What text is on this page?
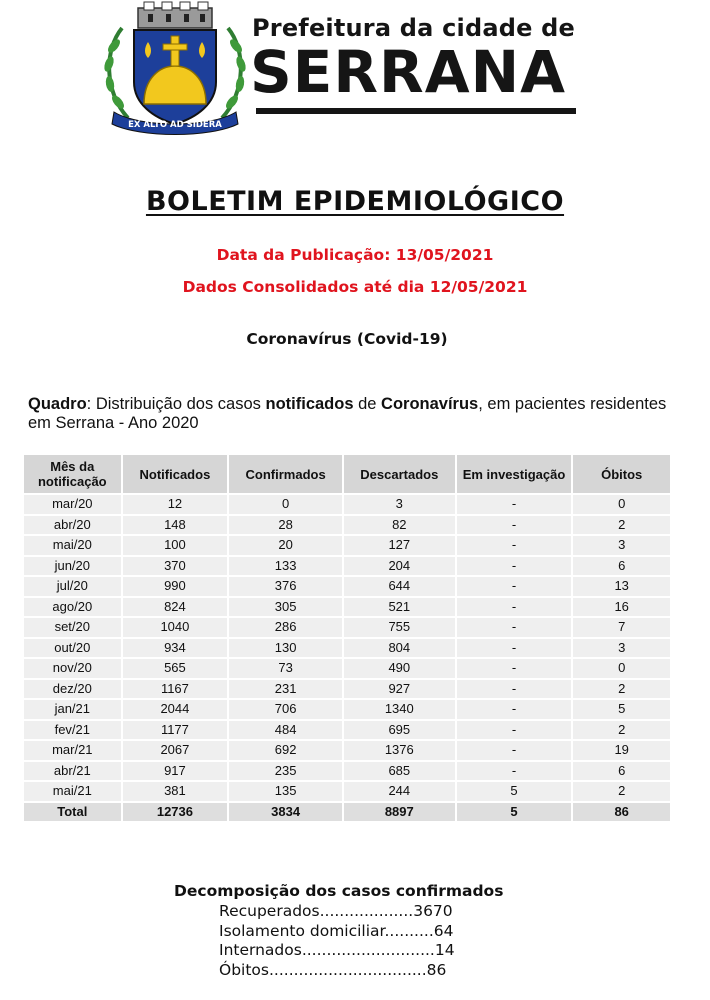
EX ALTO AD SIDERA
Prefeitura da cidade de
SERRANA
BOLETIM EPIDEMIOLÓGICO
Data da Publicação: 13/05/2021
Dados Consolidados até dia 12/05/2021
Coronavírus (Covid-19)
Quadro: Distribuição dos casos notificados de Coronavírus, em pacientes residentes em Serrana - Ano 2020
Mês da notificação	Notificados	Confirmados	Descartados	Em investigação	Óbitos
mar/20	12	0	3	-	0
abr/20	148	28	82	-	2
mai/20	100	20	127	-	3
jun/20	370	133	204	-	6
jul/20	990	376	644	-	13
ago/20	824	305	521	-	16
set/20	1040	286	755	-	7
out/20	934	130	804	-	3
nov/20	565	73	490	-	0
dez/20	1167	231	927	-	2
jan/21	2044	706	1340	-	5
fev/21	1177	484	695	-	2
mar/21	2067	692	1376	-	19
abr/21	917	235	685	-	6
mai/21	381	135	244	5	2
Total	12736	3834	8897	5	86
Decomposição dos casos confirmados
Recuperados...................3670
Isolamento domiciliar..........64
Internados...........................14
Óbitos................................86
